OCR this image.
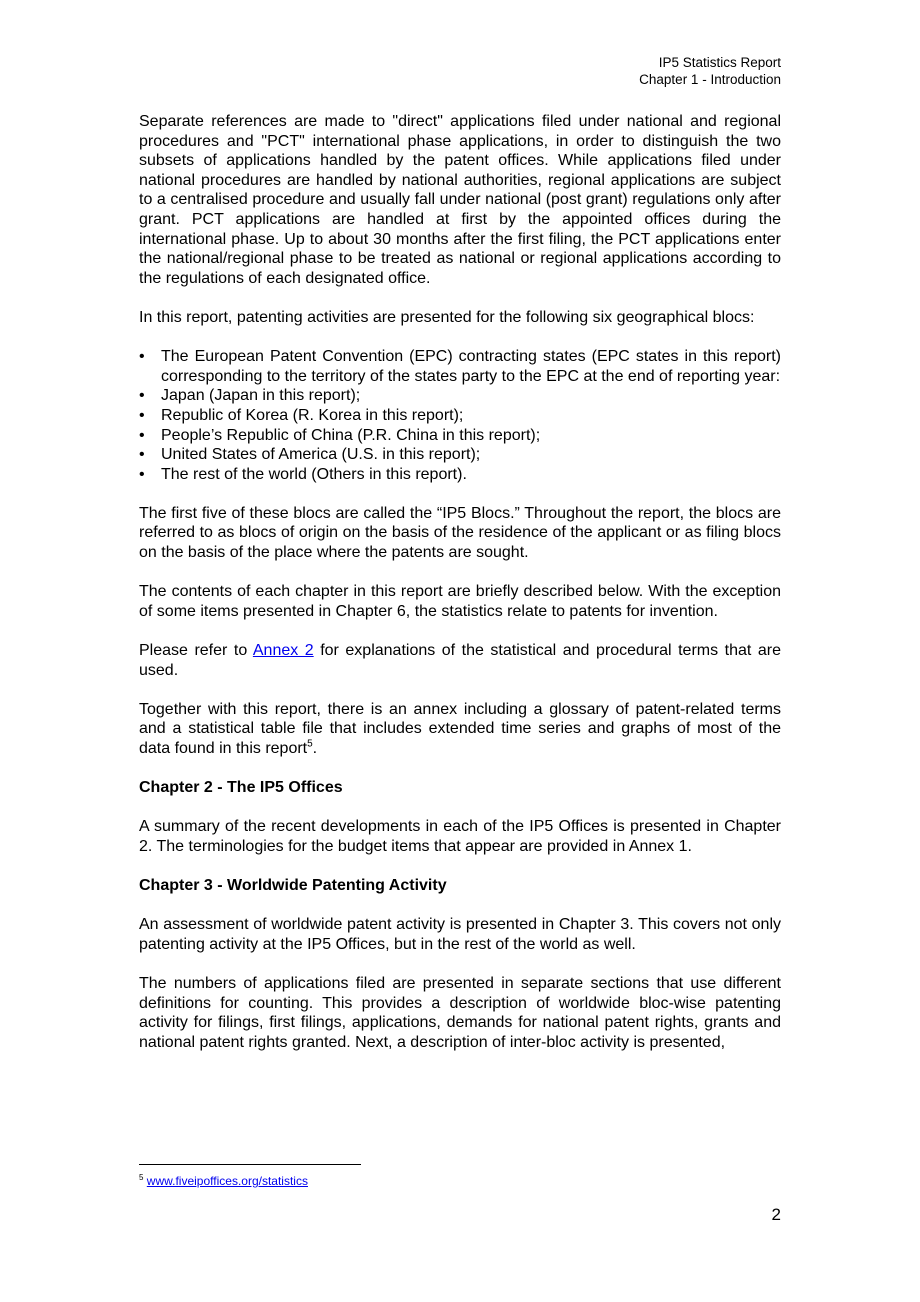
IP5 Statistics Report
Chapter 1 - Introduction

Separate references are made to "direct" applications filed under national and regional procedures and "PCT" international phase applications, in order to distinguish the two subsets of applications handled by the patent offices. While applications filed under national procedures are handled by national authorities, regional applications are subject to a centralised procedure and usually fall under national (post grant) regulations only after grant. PCT applications are handled at first by the appointed offices during the international phase. Up to about 30 months after the first filing, the PCT applications enter the national/regional phase to be treated as national or regional applications according to the regulations of each designated office.

In this report, patenting activities are presented for the following six geographical blocs:

• The European Patent Convention (EPC) contracting states (EPC states in this report) corresponding to the territory of the states party to the EPC at the end of reporting year:
• Japan (Japan in this report);
• Republic of Korea (R. Korea in this report);
• People’s Republic of China (P.R. China in this report);
• United States of America (U.S. in this report);
• The rest of the world (Others in this report).

The first five of these blocs are called the “IP5 Blocs.” Throughout the report, the blocs are referred to as blocs of origin on the basis of the residence of the applicant or as filing blocs on the basis of the place where the patents are sought.

The contents of each chapter in this report are briefly described below. With the exception of some items presented in Chapter 6, the statistics relate to patents for invention.

Please refer to Annex 2 for explanations of the statistical and procedural terms that are used.

Together with this report, there is an annex including a glossary of patent-related terms and a statistical table file that includes extended time series and graphs of most of the data found in this report$^5$.

Chapter 2 - The IP5 Offices

A summary of the recent developments in each of the IP5 Offices is presented in Chapter 2. The terminologies for the budget items that appear are provided in Annex 1.

Chapter 3 - Worldwide Patenting Activity

An assessment of worldwide patent activity is presented in Chapter 3. This covers not only patenting activity at the IP5 Offices, but in the rest of the world as well.

The numbers of applications filed are presented in separate sections that use different definitions for counting. This provides a description of worldwide bloc-wise patenting activity for filings, first filings, applications, demands for national patent rights, grants and national patent rights granted. Next, a description of inter-bloc activity is presented,

$^5$ www.fiveipoffices.org/statistics
2
